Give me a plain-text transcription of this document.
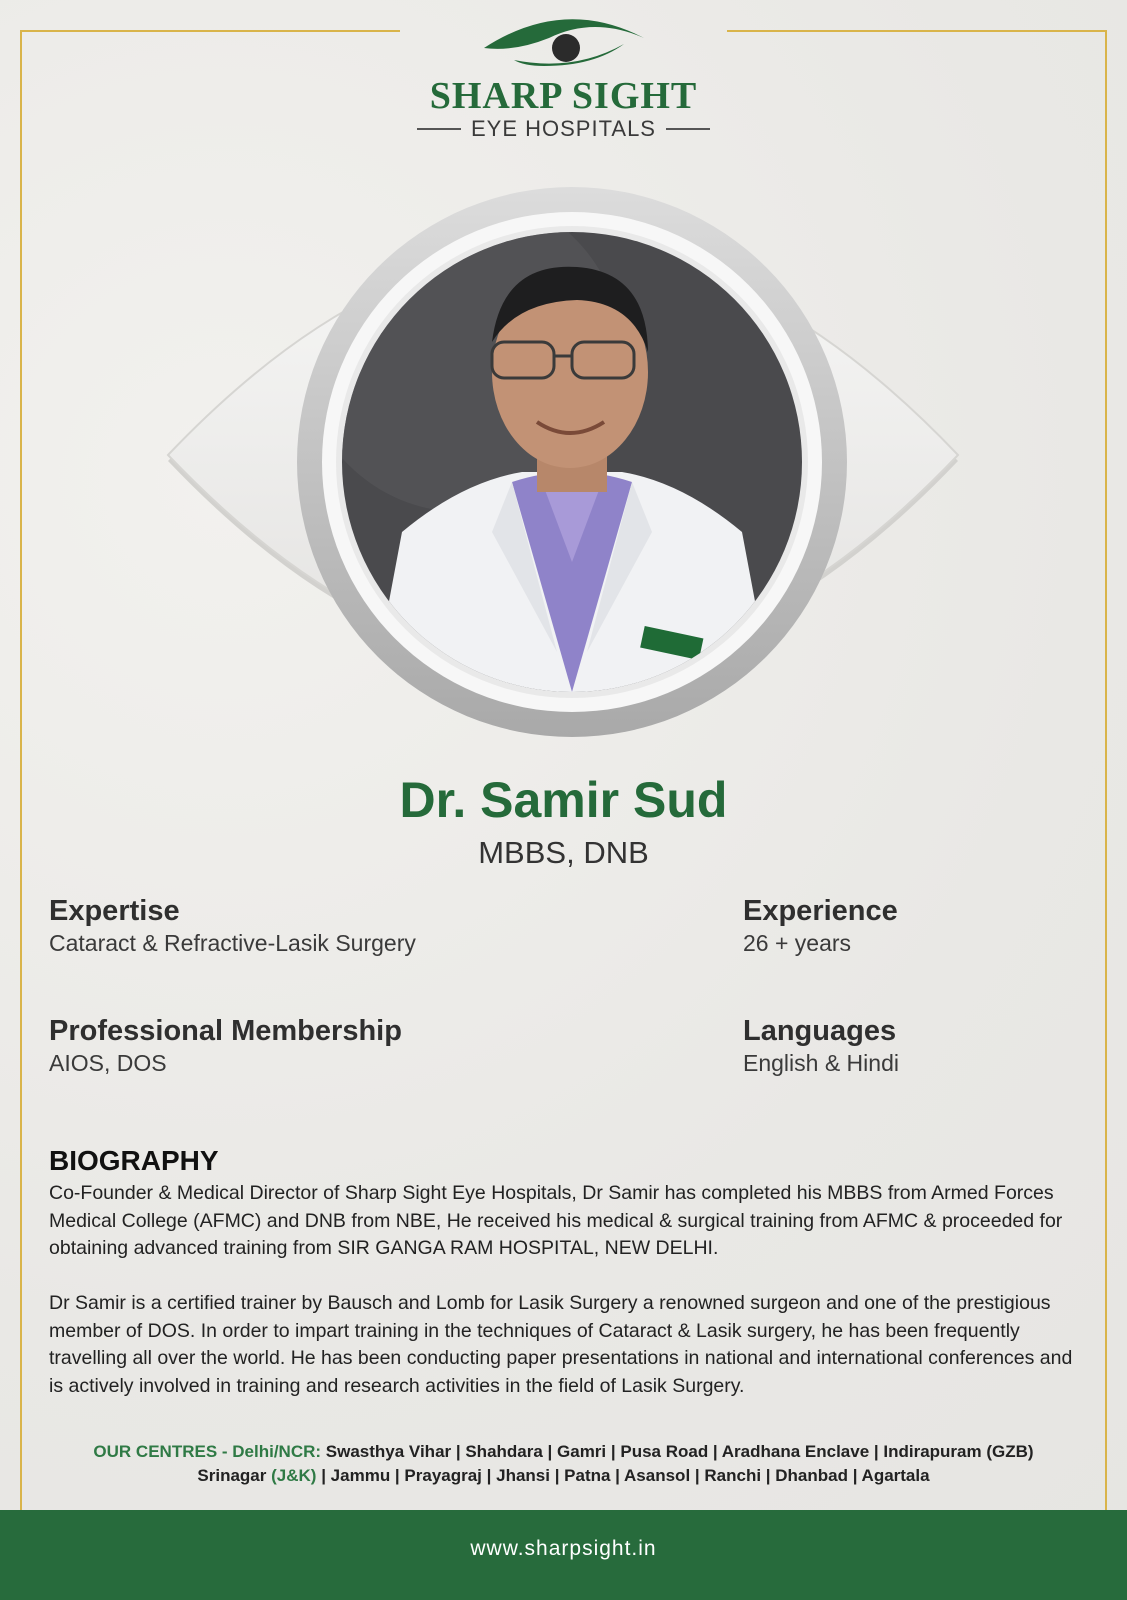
SHARP SIGHT
EYE HOSPITALS
Dr. Samir Sud
MBBS, DNB
Expertise
Cataract & Refractive-Lasik Surgery
Experience
26 + years
Professional Membership
AIOS, DOS
Languages
English & Hindi
BIOGRAPHY
Co-Founder & Medical Director of Sharp Sight Eye Hospitals, Dr Samir has completed his MBBS from Armed Forces Medical College (AFMC) and DNB from NBE, He received his medical & surgical training from AFMC & proceeded for obtaining advanced training from SIR GANGA RAM HOSPITAL, NEW DELHI.
Dr Samir is a certified trainer by Bausch and Lomb for Lasik Surgery a renowned surgeon and one of the prestigious member of DOS. In order to impart training in the techniques of Cataract & Lasik surgery, he has been frequently travelling all over the world. He has been conducting paper presentations in national and international conferences and is actively involved in training and research activities in the field of Lasik Surgery.
OUR CENTRES - Delhi/NCR: Swasthya Vihar | Shahdara | Gamri | Pusa Road | Aradhana Enclave | Indirapuram (GZB)
Srinagar (J&K) | Jammu | Prayagraj | Jhansi | Patna | Asansol | Ranchi | Dhanbad | Agartala
www.sharpsight.in
